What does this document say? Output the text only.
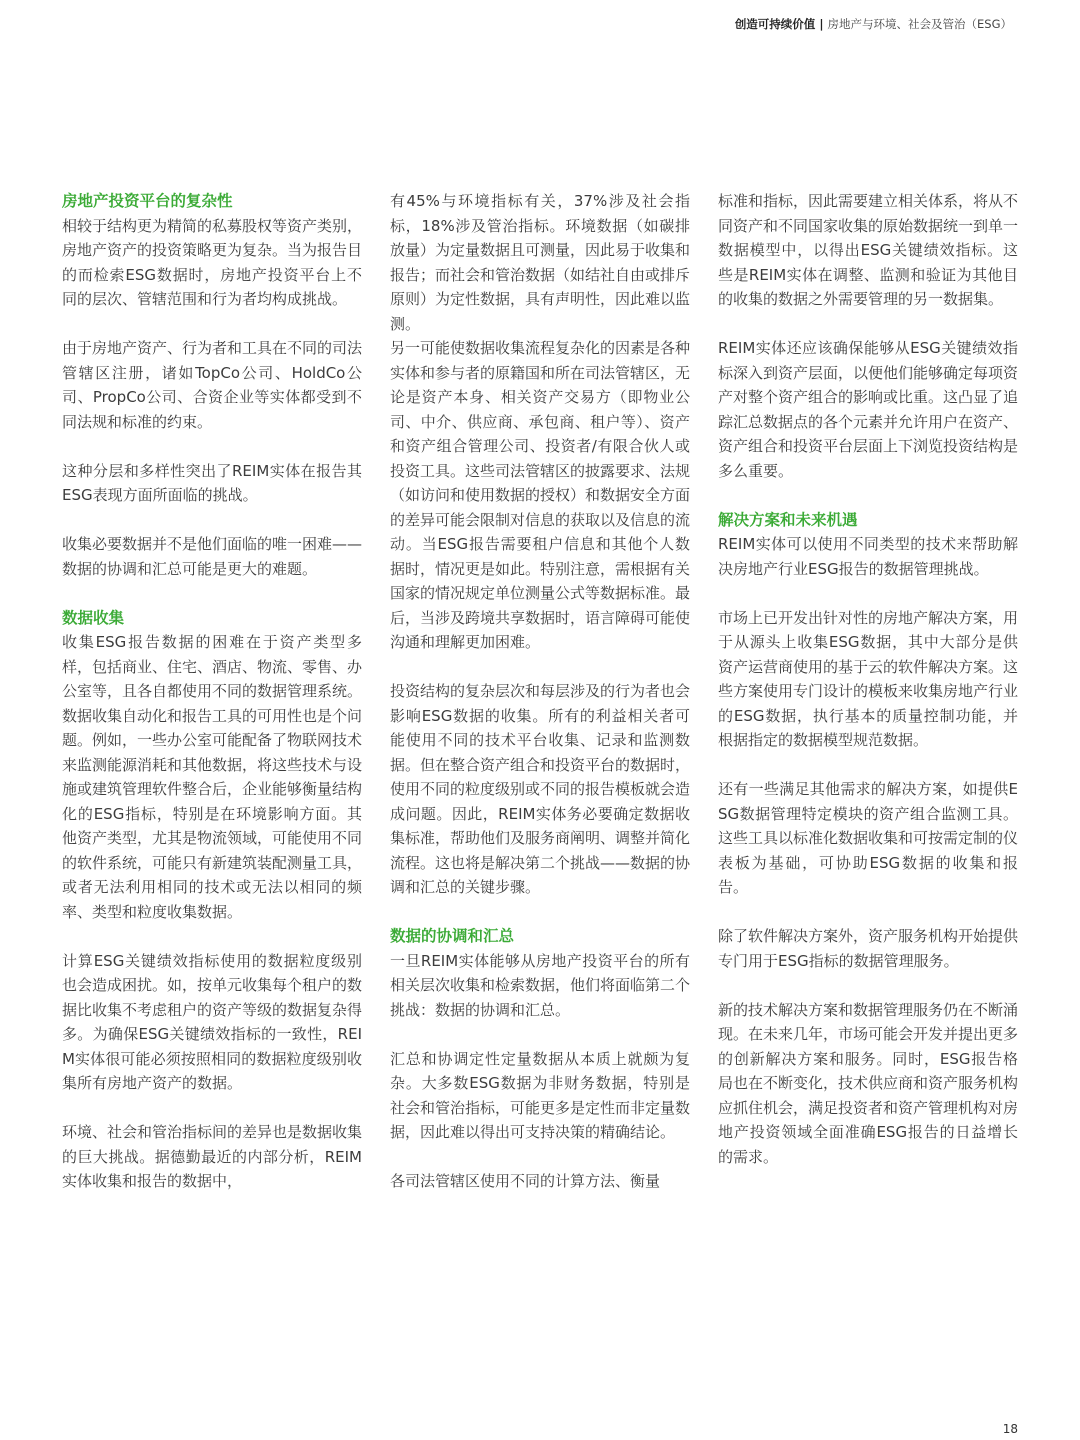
创造可持续价值 | 房地产与环境、社会及管治（ESG）

房地产投资平台的复杂性

相较于结构更为精简的私募股权等资产类别，房地产资产的投资策略更为复杂。当为报告目的而检索ESG数据时，房地产投资平台上不同的层次、管辖范围和行为者均构成挑战。

由于房地产资产、行为者和工具在不同的司法管辖区注册，诸如TopCo公司、HoldCo公司、PropCo公司、合资企业等实体都受到不同法规和标准的约束。

这种分层和多样性突出了REIM实体在报告其ESG表现方面所面临的挑战。

收集必要数据并不是他们面临的唯一困难——数据的协调和汇总可能是更大的难题。

数据收集

收集ESG报告数据的困难在于资产类型多样，包括商业、住宅、酒店、物流、零售、办公室等，且各自都使用不同的数据管理系统。数据收集自动化和报告工具的可用性也是个问题。例如，一些办公室可能配备了物联网技术来监测能源消耗和其他数据，将这些技术与设施或建筑管理软件整合后，企业能够衡量结构化的ESG指标，特别是在环境影响方面。其他资产类型，尤其是物流领域，可能使用不同的软件系统，可能只有新建筑装配测量工具，或者无法利用相同的技术或无法以相同的频率、类型和粒度收集数据。

计算ESG关键绩效指标使用的数据粒度级别也会造成困扰。如，按单元收集每个租户的数据比收集不考虑租户的资产等级的数据复杂得多。为确保ESG关键绩效指标的一致性，REIM实体很可能必须按照相同的数据粒度级别收集所有房地产资产的数据。

环境、社会和管治指标间的差异也是数据收集的巨大挑战。据德勤最近的内部分析，REIM实体收集和报告的数据中，

有45%与环境指标有关，37%涉及社会指标，18%涉及管治指标。环境数据（如碳排放量）为定量数据且可测量，因此易于收集和报告；而社会和管治数据（如结社自由或排斥原则）为定性数据，具有声明性，因此难以监测。

另一可能使数据收集流程复杂化的因素是各种实体和参与者的原籍国和所在司法管辖区，无论是资产本身、相关资产交易方（即物业公司、中介、供应商、承包商、租户等）、资产和资产组合管理公司、投资者/有限合伙人或投资工具。这些司法管辖区的披露要求、法规（如访问和使用数据的授权）和数据安全方面的差异可能会限制对信息的获取以及信息的流动。当ESG报告需要租户信息和其他个人数据时，情况更是如此。特别注意，需根据有关国家的情况规定单位测量公式等数据标准。最后，当涉及跨境共享数据时，语言障碍可能使沟通和理解更加困难。

投资结构的复杂层次和每层涉及的行为者也会影响ESG数据的收集。所有的利益相关者可能使用不同的技术平台收集、记录和监测数据。但在整合资产组合和投资平台的数据时，使用不同的粒度级别或不同的报告模板就会造成问题。因此，REIM实体务必要确定数据收集标准，帮助他们及服务商阐明、调整并简化流程。这也将是解决第二个挑战——数据的协调和汇总的关键步骤。

数据的协调和汇总

一旦REIM实体能够从房地产投资平台的所有相关层次收集和检索数据，他们将面临第二个挑战：数据的协调和汇总。

汇总和协调定性定量数据从本质上就颇为复杂。大多数ESG数据为非财务数据，特别是社会和管治指标，可能更多是定性而非定量数据，因此难以得出可支持决策的精确结论。

各司法管辖区使用不同的计算方法、衡量

标准和指标，因此需要建立相关体系，将从不同资产和不同国家收集的原始数据统一到单一数据模型中，以得出ESG关键绩效指标。这些是REIM实体在调整、监测和验证为其他目的收集的数据之外需要管理的另一数据集。

REIM实体还应该确保能够从ESG关键绩效指标深入到资产层面，以便他们能够确定每项资产对整个资产组合的影响或比重。这凸显了追踪汇总数据点的各个元素并允许用户在资产、资产组合和投资平台层面上下浏览投资结构是多么重要。

解决方案和未来机遇

REIM实体可以使用不同类型的技术来帮助解决房地产行业ESG报告的数据管理挑战。

市场上已开发出针对性的房地产解决方案，用于从源头上收集ESG数据，其中大部分是供资产运营商使用的基于云的软件解决方案。这些方案使用专门设计的模板来收集房地产行业的ESG数据，执行基本的质量控制功能，并根据指定的数据模型规范数据。

还有一些满足其他需求的解决方案，如提供ESG数据管理特定模块的资产组合监测工具。这些工具以标准化数据收集和可按需定制的仪表板为基础，可协助ESG数据的收集和报告。

除了软件解决方案外，资产服务机构开始提供专门用于ESG指标的数据管理服务。

新的技术解决方案和数据管理服务仍在不断涌现。在未来几年，市场可能会开发并提出更多的创新解决方案和服务。同时，ESG报告格局也在不断变化，技术供应商和资产服务机构应抓住机会，满足投资者和资产管理机构对房地产投资领域全面准确ESG报告的日益增长的需求。

18
